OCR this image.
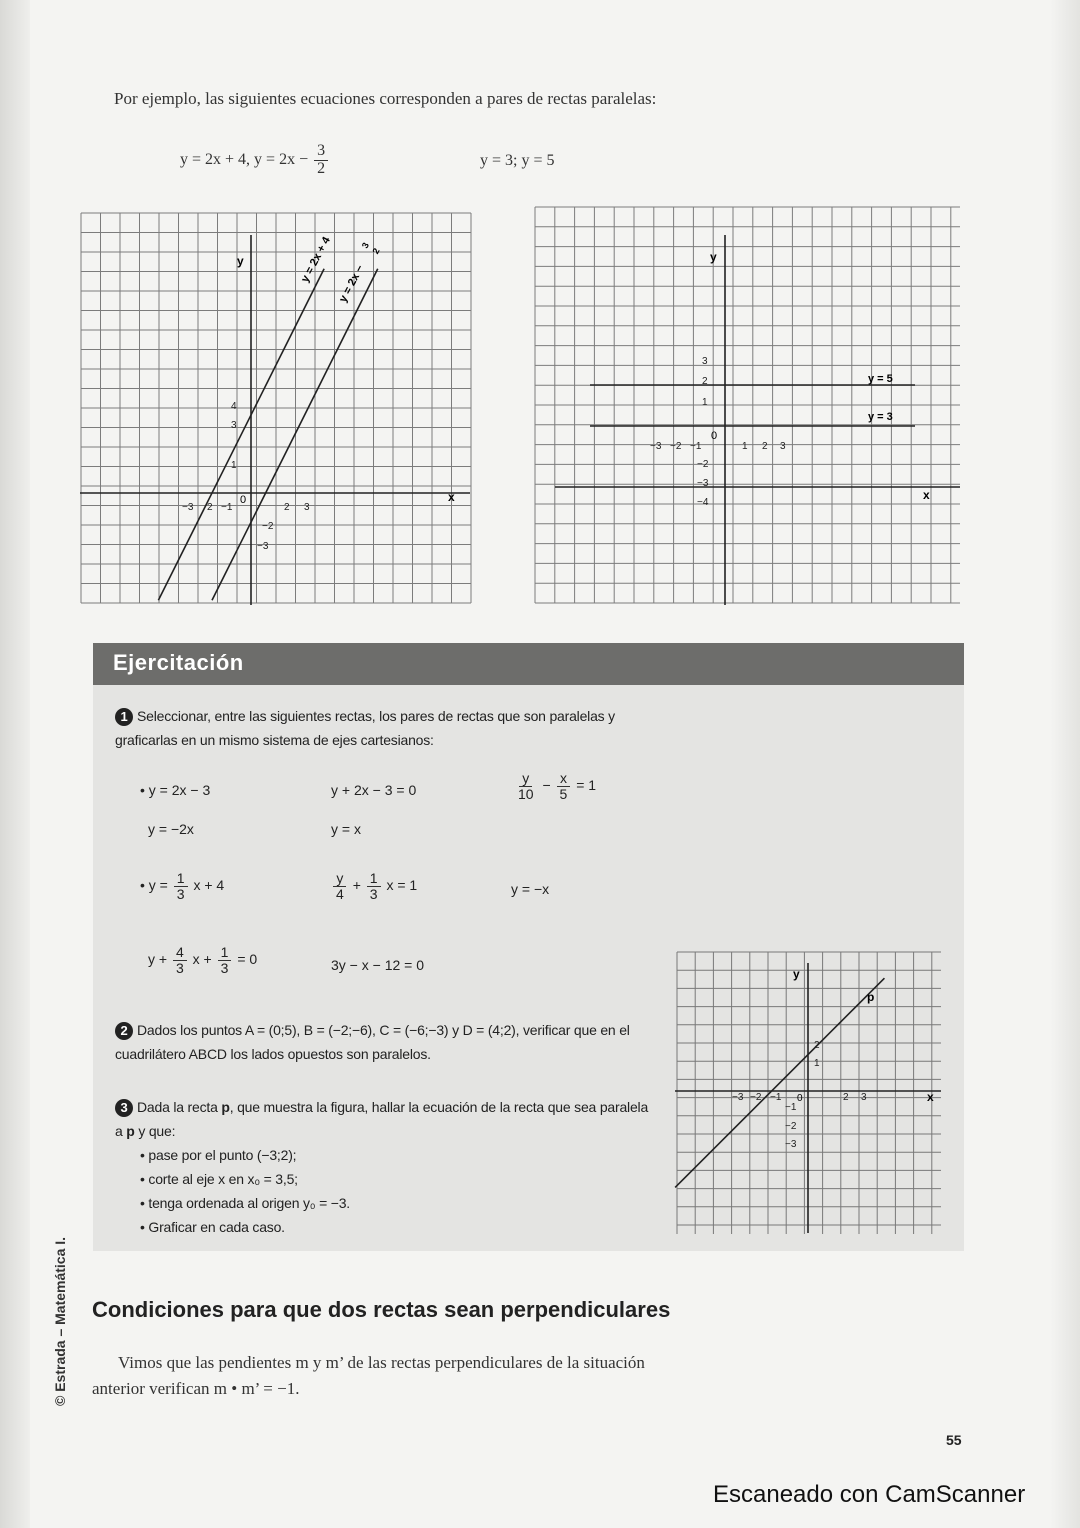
Por ejemplo, las siguientes ecuaciones corresponden a pares de rectas paralelas:
y = 2x + 4, $y = 2x - \frac{3}{2}$	y = 3; y = 5
y
x
0
4
3
1
−3 2 −1	2 3
−2
−3
y = 2x + 4 y = 2x −
3
2	y
x
0
3
2
1
−3 −2 −1	1 2 3
−2
−3
−4
y = 5
y = 3
Ejercitación
1 Seleccionar, entre las siguientes rectas, los pares de rectas que son paralelas y graficarlas en un mismo sistema de ejes cartesianos:
• y = 2x − 3	y + 2x − 3 = 0	$\frac{y}{10} - \frac{x}{5} = 1$
y = −2x	y = x
• $y = \frac{1}{3}$ x + 4	$\frac{y}{4} + \frac{1}{3}$ x = 1	y = −x
$y + \frac{4}{3}$ $x + \frac{1}{3} = 0$	3y − x − 12 = 0
2 Dados los puntos A = (0;5), B = (−2;−6), C = (−6;−3) y D = (4;2), verificar que en el cuadrilátero ABCD los lados opuestos son paralelos.
3 Dada la recta p, que muestra la figura, hallar la ecuación de la recta que sea paralela a p y que:
• pase por el punto (−3;2);
• corte al eje x en x₀ = 3,5;
• tenga ordenada al origen y₀ = −3.
• Graficar en cada caso.
y
x
0
p
2
1
−3 −2 −1	2 3
−1
−2
−3
Condiciones para que dos rectas sean perpendiculares
Vimos que las pendientes m y m’ de las rectas perpendiculares de la situación anterior verifican m • m’ = −1.
© Estrada – Matemática I.
55
Escaneado con CamScanner
